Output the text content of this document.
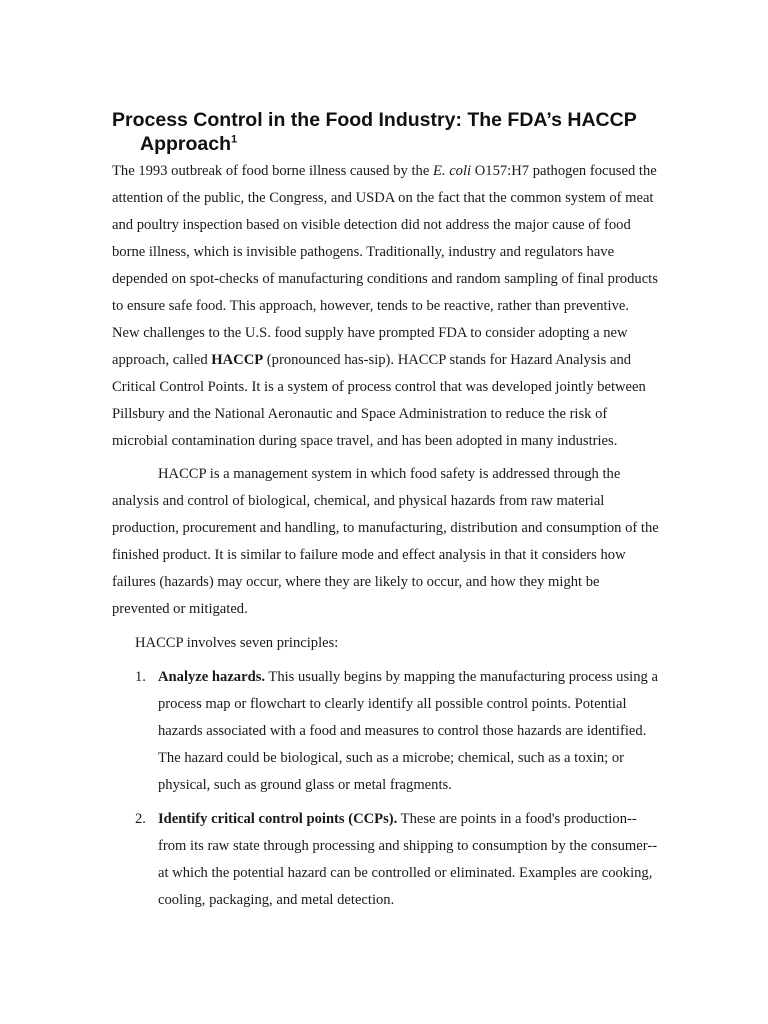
Process Control in the Food Industry: The FDA’s HACCP
Approach$^1$

The 1993 outbreak of food borne illness caused by the E. coli O157:H7 pathogen focused the attention of the public, the Congress, and USDA on the fact that the common system of meat and poultry inspection based on visible detection did not address the major cause of food borne illness, which is invisible pathogens. Traditionally, industry and regulators have depended on spot-checks of manufacturing conditions and random sampling of final products to ensure safe food. This approach, however, tends to be reactive, rather than preventive. New challenges to the U.S. food supply have prompted FDA to consider adopting a new approach, called HACCP (pronounced has-sip). HACCP stands for Hazard Analysis and Critical Control Points. It is a system of process control that was developed jointly between Pillsbury and the National Aeronautic and Space Administration to reduce the risk of microbial contamination during space travel, and has been adopted in many industries.

HACCP is a management system in which food safety is addressed through the analysis and control of biological, chemical, and physical hazards from raw material production, procurement and handling, to manufacturing, distribution and consumption of the finished product. It is similar to failure mode and effect analysis in that it considers how failures (hazards) may occur, where they are likely to occur, and how they might be prevented or mitigated.

HACCP involves seven principles:

1. Analyze hazards. This usually begins by mapping the manufacturing process using a process map or flowchart to clearly identify all possible control points. Potential hazards associated with a food and measures to control those hazards are identified. The hazard could be biological, such as a microbe; chemical, such as a toxin; or physical, such as ground glass or metal fragments.
2. Identify critical control points (CCPs). These are points in a food's production--from its raw state through processing and shipping to consumption by the consumer--at which the potential hazard can be controlled or eliminated. Examples are cooking, cooling, packaging, and metal detection.
